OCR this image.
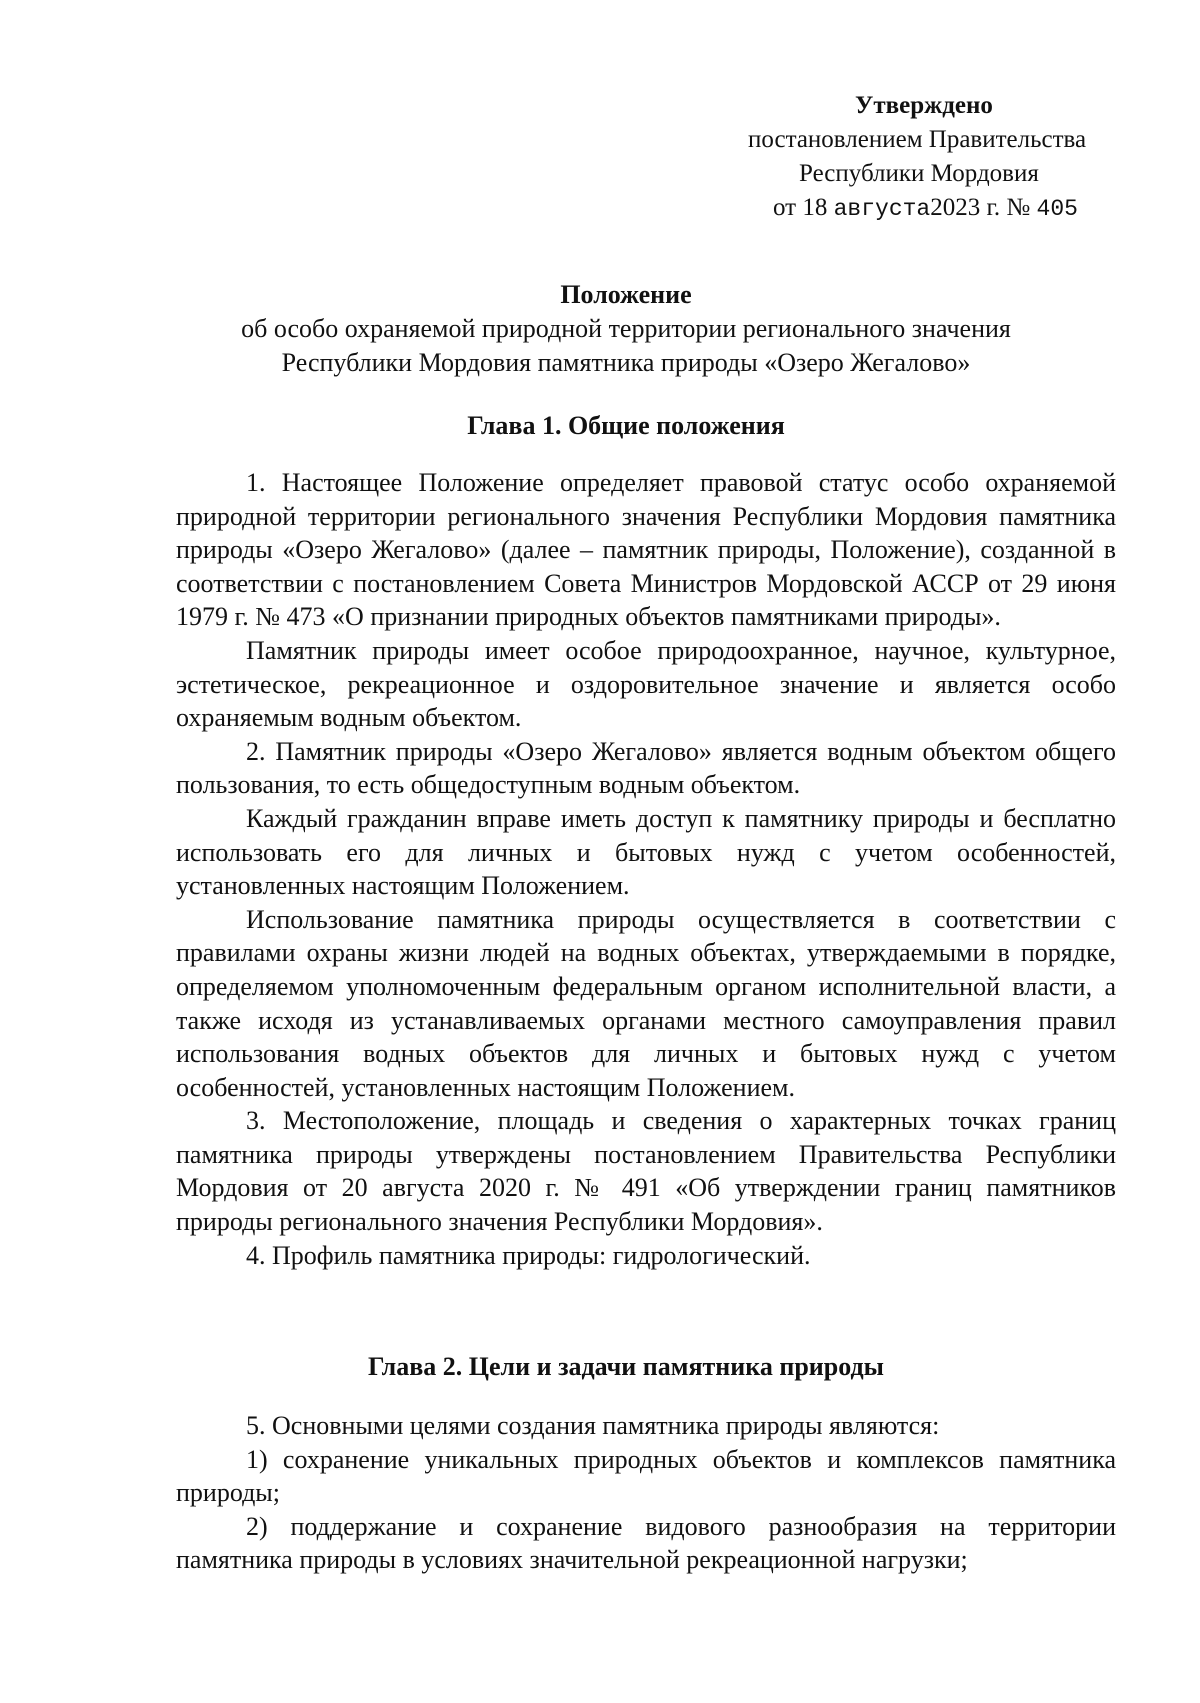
Утверждено
постановлением Правительства
Республики Мордовия
от 18 августа2023 г. № 405
Положение
об особо охраняемой природной территории регионального значения
Республики Мордовия памятника природы «Озеро Жегалово»
Глава 1. Общие положения

1. Настоящее Положение определяет правовой статус особо охраняемой природной территории регионального значения Республики Мордовия памятника природы «Озеро Жегалово» (далее – памятник природы, Положение), созданной в соответствии с постановлением Совета Министров Мордовской АССР от 29 июня 1979 г. № 473 «О признании природных объектов памятниками природы».

Памятник природы имеет особое природоохранное, научное, культурное, эстетическое, рекреационное и оздоровительное значение и является особо охраняемым водным объектом.

2. Памятник природы «Озеро Жегалово» является водным объектом общего пользования, то есть общедоступным водным объектом.

Каждый гражданин вправе иметь доступ к памятнику природы и бесплатно использовать его для личных и бытовых нужд с учетом особенностей, установленных настоящим Положением.

Использование памятника природы осуществляется в соответствии с правилами охраны жизни людей на водных объектах, утверждаемыми в порядке, определяемом уполномоченным федеральным органом исполнительной власти, а также исходя из устанавливаемых органами местного самоуправления правил использования водных объектов для личных и бытовых нужд с учетом особенностей, установленных настоящим Положением.

3. Местоположение, площадь и сведения о характерных точках границ памятника природы утверждены постановлением Правительства Республики Мордовия от 20 августа 2020 г. № 491 «Об утверждении границ памятников природы регионального значения Республики Мордовия».

4. Профиль памятника природы: гидрологический.

Глава 2. Цели и задачи памятника природы

5. Основными целями создания памятника природы являются:

1) сохранение уникальных природных объектов и комплексов памятника природы;

2) поддержание и сохранение видового разнообразия на территории памятника природы в условиях значительной рекреационной нагрузки;
